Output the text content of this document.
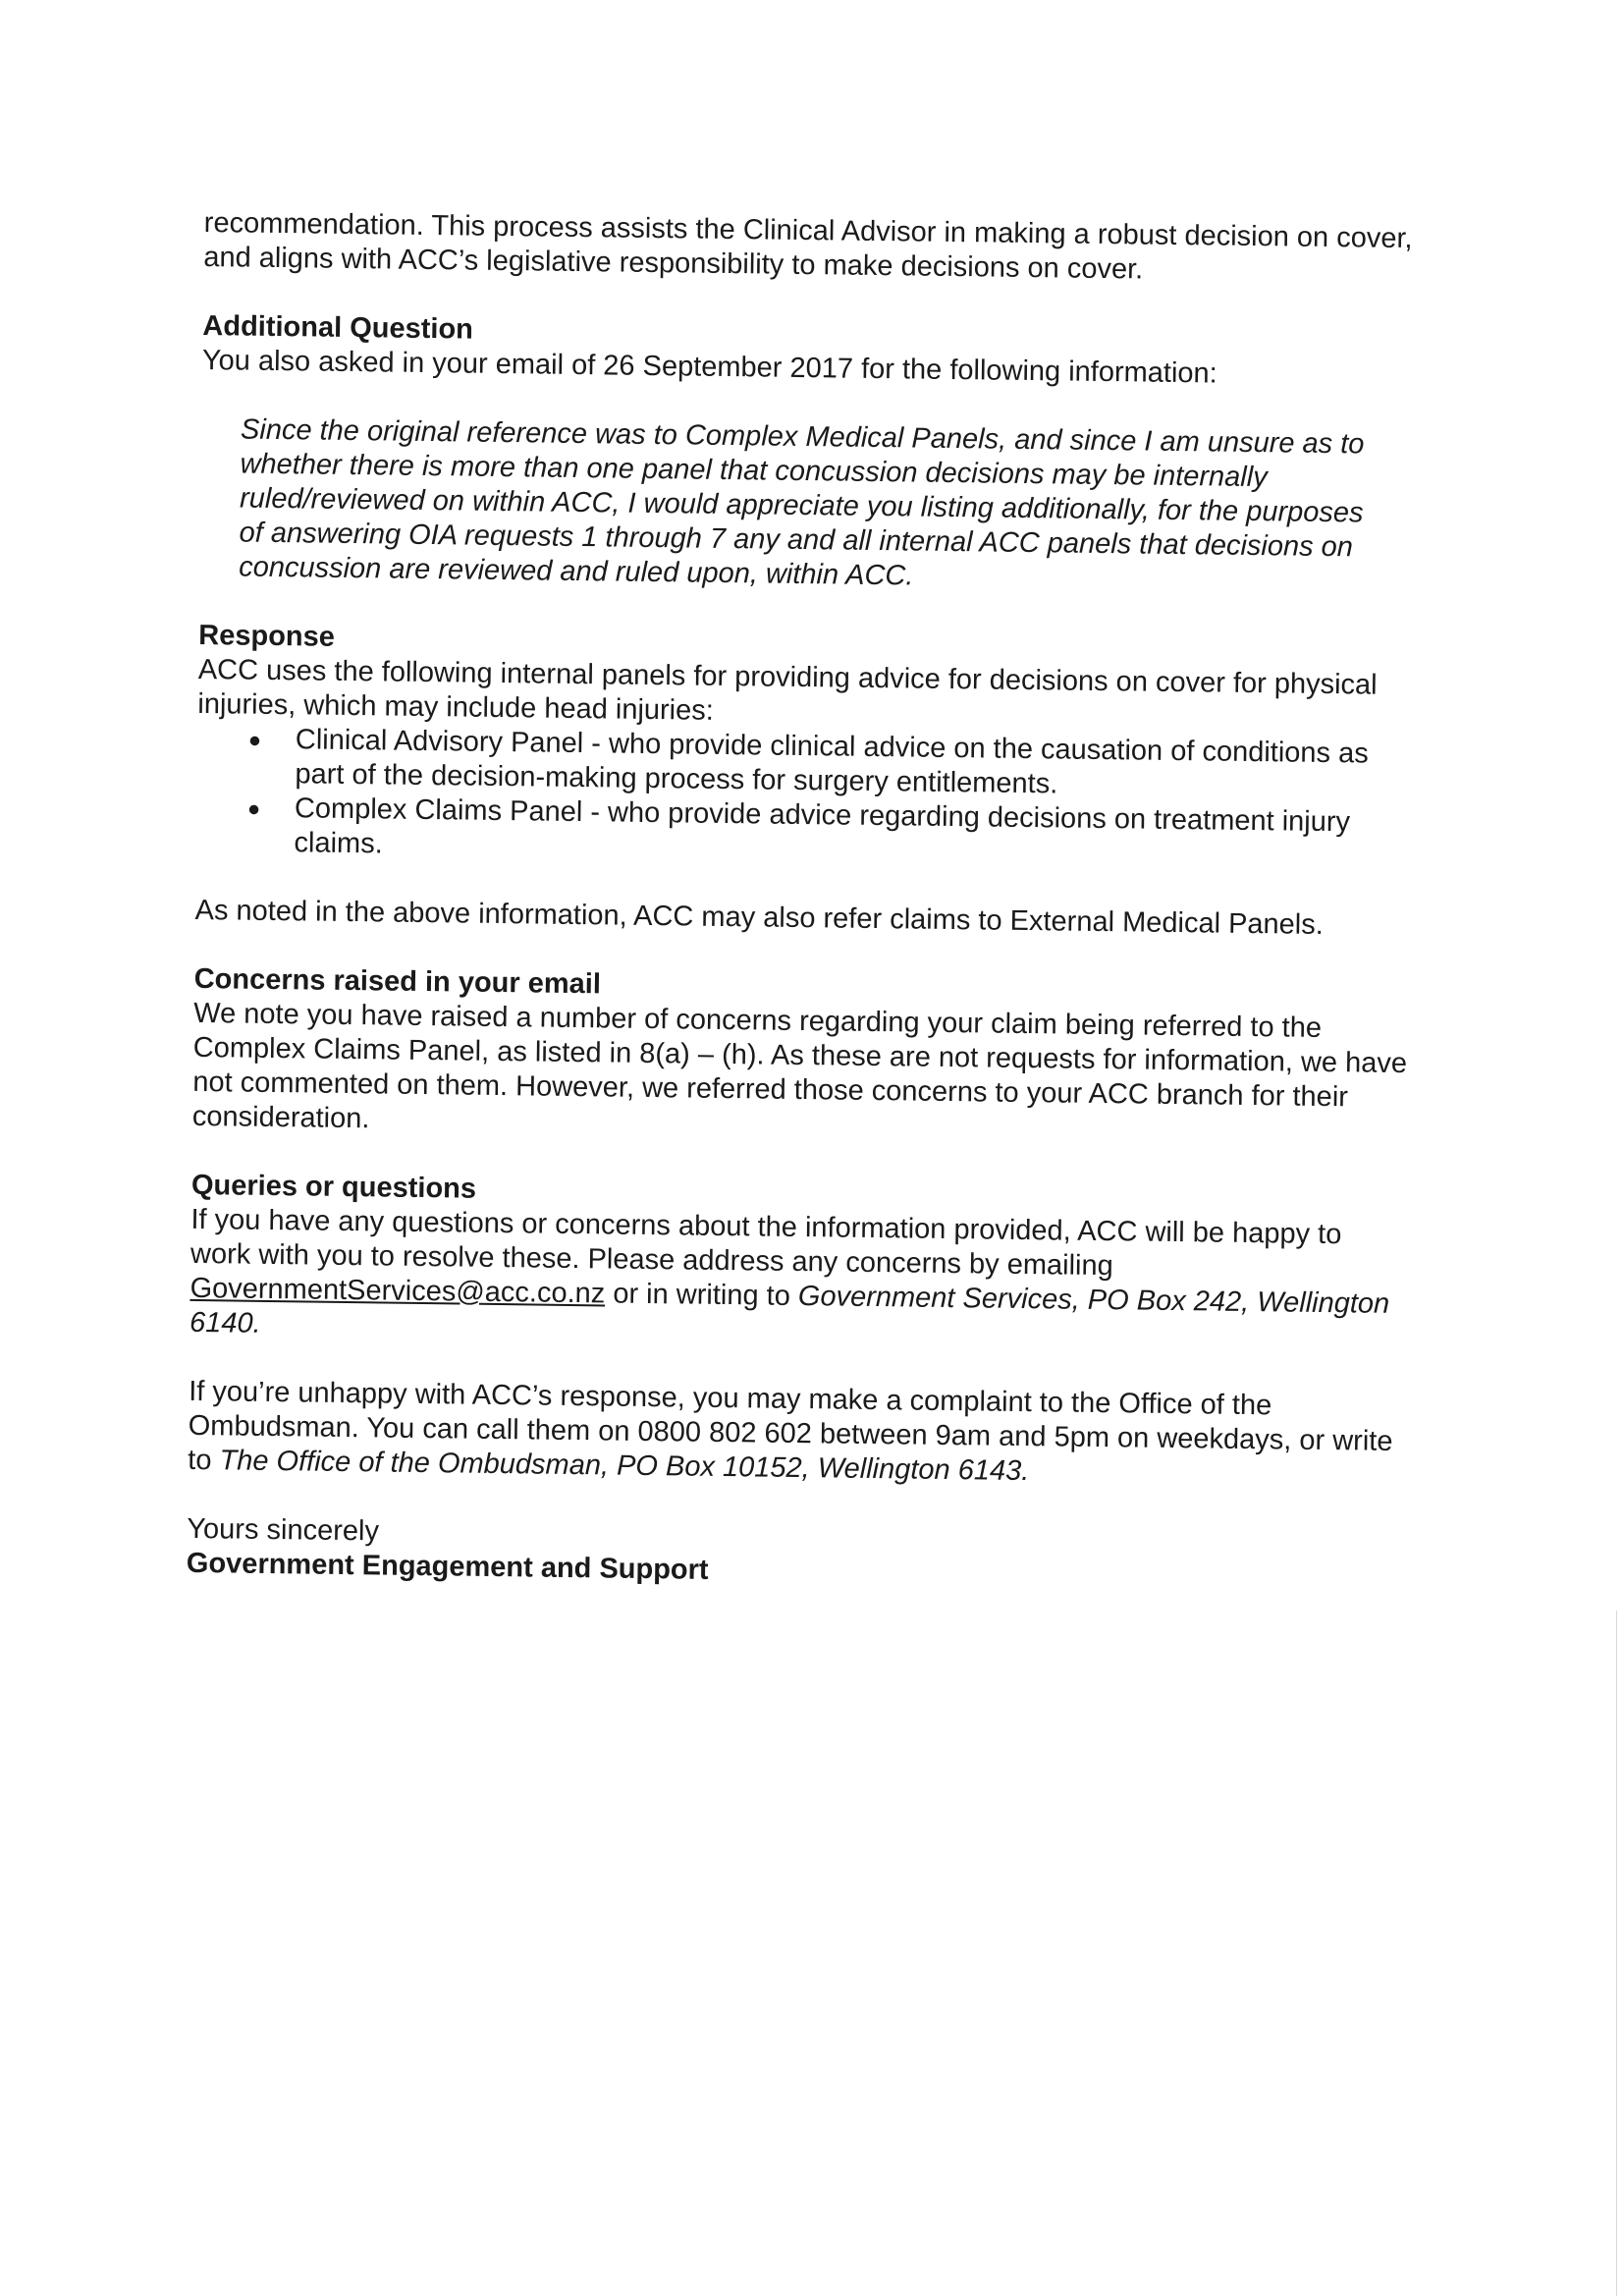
recommendation. This process assists the Clinical Advisor in making a robust decision on cover, and aligns with ACC’s legislative responsibility to make decisions on cover.

Additional Question

You also asked in your email of 26 September 2017 for the following information:

Since the original reference was to Complex Medical Panels, and since I am unsure as to whether there is more than one panel that concussion decisions may be internally ruled/reviewed on within ACC, I would appreciate you listing additionally, for the purposes of answering OIA requests 1 through 7 any and all internal ACC panels that decisions on concussion are reviewed and ruled upon, within ACC.

Response

ACC uses the following internal panels for providing advice for decisions on cover for physical injuries, which may include head injuries:

● Clinical Advisory Panel - who provide clinical advice on the causation of conditions as part of the decision-making process for surgery entitlements.
● Complex Claims Panel - who provide advice regarding decisions on treatment injury claims.

As noted in the above information, ACC may also refer claims to External Medical Panels.

Concerns raised in your email

We note you have raised a number of concerns regarding your claim being referred to the Complex Claims Panel, as listed in 8(a) – (h). As these are not requests for information, we have not commented on them. However, we referred those concerns to your ACC branch for their consideration.

Queries or questions

If you have any questions or concerns about the information provided, ACC will be happy to work with you to resolve these. Please address any concerns by emailing GovernmentServices@acc.co.nz or in writing to Government Services, PO Box 242, Wellington 6140.

If you’re unhappy with ACC’s response, you may make a complaint to the Office of the Ombudsman. You can call them on 0800 802 602 between 9am and 5pm on weekdays, or write to The Office of the Ombudsman, PO Box 10152, Wellington 6143.

Yours sincerely

Government Engagement and Support
